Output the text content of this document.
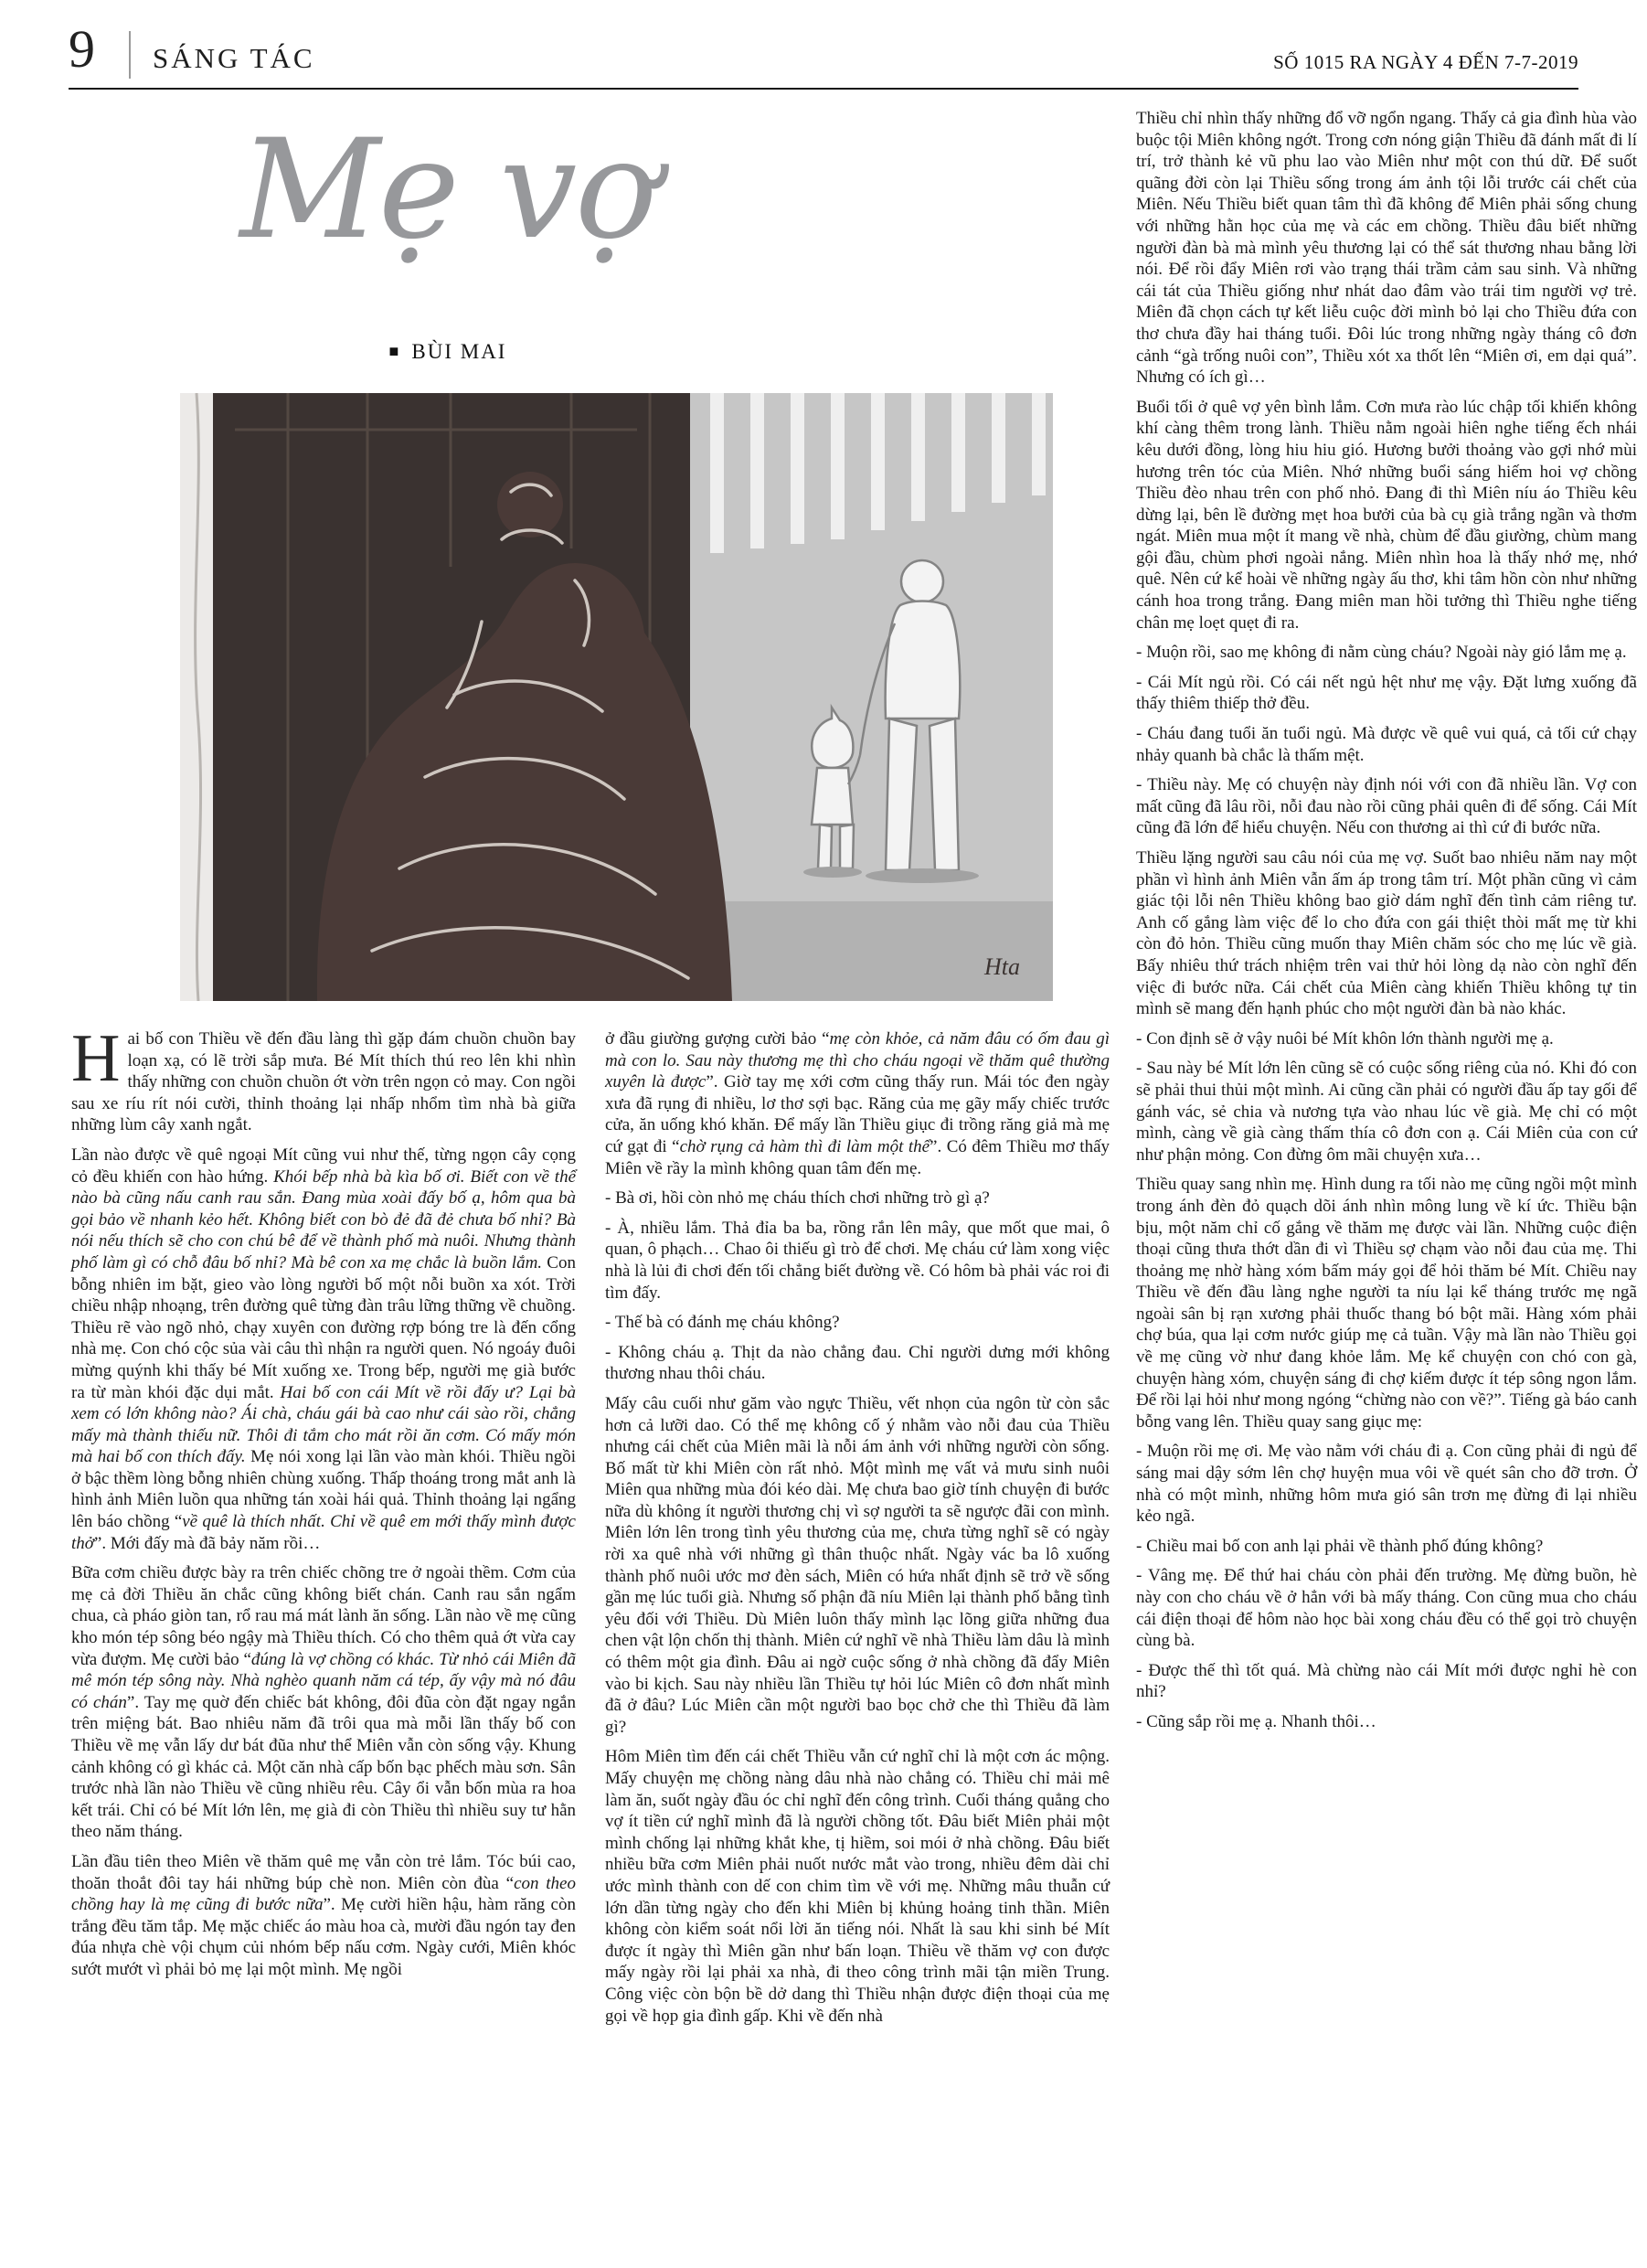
9 SÁNG TÁC	SỐ 1015 RA NGÀY 4 ĐẾN 7-7-2019
Mẹ vợ
■ BÙI MAI
Hta

Hai bố con Thiều về đến đầu làng thì gặp đám chuồn chuồn bay loạn xạ, có lẽ trời sắp mưa. Bé Mít thích thú reo lên khi nhìn thấy những con chuồn chuồn ớt vờn trên ngọn cỏ may. Con ngồi sau xe ríu rít nói cười, thỉnh thoảng lại nhấp nhổm tìm nhà bà giữa những lùm cây xanh ngắt.

Lần nào được về quê ngoại Mít cũng vui như thế, từng ngọn cây cọng cỏ đều khiến con hào hứng. Khói bếp nhà bà kìa bố ơi. Biết con về thể nào bà cũng nấu canh rau sắn. Đang mùa xoài đấy bố ạ, hôm qua bà gọi bảo về nhanh kẻo hết. Không biết con bò đẻ đã đẻ chưa bố nhỉ? Bà nói nếu thích sẽ cho con chú bê để về thành phố mà nuôi. Nhưng thành phố làm gì có chỗ đâu bố nhỉ? Mà bê con xa mẹ chắc là buồn lắm. Con bỗng nhiên im bặt, gieo vào lòng người bố một nỗi buồn xa xót. Trời chiều nhập nhoạng, trên đường quê từng đàn trâu lững thững về chuồng. Thiều rẽ vào ngõ nhỏ, chạy xuyên con đường rợp bóng tre là đến cổng nhà mẹ. Con chó cộc sủa vài câu thì nhận ra người quen. Nó ngoáy đuôi mừng quýnh khi thấy bé Mít xuống xe. Trong bếp, người mẹ già bước ra từ màn khói đặc dụi mắt. Hai bố con cái Mít về rồi đấy ư? Lại bà xem có lớn không nào? Ái chà, cháu gái bà cao như cái sào rồi, chẳng mấy mà thành thiếu nữ. Thôi đi tắm cho mát rồi ăn cơm. Có mấy món mà hai bố con thích đấy. Mẹ nói xong lại lần vào màn khói. Thiều ngồi ở bậc thềm lòng bỗng nhiên chùng xuống. Thấp thoáng trong mắt anh là hình ảnh Miên luồn qua những tán xoài hái quả. Thỉnh thoảng lại ngẩng lên báo chồng “về quê là thích nhất. Chỉ về quê em mới thấy mình được thở”. Mới đấy mà đã bảy năm rồi…

Bữa cơm chiều được bày ra trên chiếc chõng tre ở ngoài thềm. Cơm của mẹ cả đời Thiều ăn chắc cũng không biết chán. Canh rau sắn ngẩm chua, cà pháo giòn tan, rổ rau má mát lành ăn sống. Lần nào về mẹ cũng kho món tép sông béo ngậy mà Thiều thích. Có cho thêm quả ớt vừa cay vừa đượm. Mẹ cười bảo “đúng là vợ chồng có khác. Từ nhỏ cái Miên đã mê món tép sông này. Nhà nghèo quanh năm cá tép, ấy vậy mà nó đâu có chán”. Tay mẹ quờ đến chiếc bát không, đôi đũa còn đặt ngay ngắn trên miệng bát. Bao nhiêu năm đã trôi qua mà mỗi lần thấy bố con Thiều về mẹ vẫn lấy dư bát đũa như thể Miên vẫn còn sống vậy. Khung cảnh không có gì khác cả. Một căn nhà cấp bốn bạc phếch màu sơn. Sân trước nhà lần nào Thiều về cũng nhiều rêu. Cây ổi vẫn bốn mùa ra hoa kết trái. Chỉ có bé Mít lớn lên, mẹ già đi còn Thiều thì nhiều suy tư hằn theo năm tháng.

Lần đầu tiên theo Miên về thăm quê mẹ vẫn còn trẻ lắm. Tóc búi cao, thoăn thoắt đôi tay hái những búp chè non. Miên còn đùa “con theo chồng hay là mẹ cũng đi bước nữa”. Mẹ cười hiền hậu, hàm răng còn trắng đều tăm tắp. Mẹ mặc chiếc áo màu hoa cà, mười đầu ngón tay đen đúa nhựa chè vội chụm củi nhóm bếp nấu cơm. Ngày cưới, Miên khóc sướt mướt vì phải bỏ mẹ lại một mình. Mẹ ngồi

ở đầu giường gượng cười bảo “mẹ còn khỏe, cả năm đâu có ốm đau gì mà con lo. Sau này thương mẹ thì cho cháu ngoại về thăm quê thường xuyên là được”. Giờ tay mẹ xới cơm cũng thấy run. Mái tóc đen ngày xưa đã rụng đi nhiều, lơ thơ sợi bạc. Răng của mẹ gãy mấy chiếc trước cửa, ăn uống khó khăn. Để mấy lần Thiều giục đi trồng răng giả mà mẹ cứ gạt đi “chờ rụng cả hàm thì đi làm một thể”. Có đêm Thiều mơ thấy Miên về rầy la mình không quan tâm đến mẹ.

- Bà ơi, hồi còn nhỏ mẹ cháu thích chơi những trò gì ạ?

- À, nhiều lắm. Thả đỉa ba ba, rồng rắn lên mây, que mốt que mai, ô quan, ô phạch… Chao ôi thiếu gì trò để chơi. Mẹ cháu cứ làm xong việc nhà là lủi đi chơi đến tối chẳng biết đường về. Có hôm bà phải vác roi đi tìm đấy.

- Thế bà có đánh mẹ cháu không?

- Không cháu ạ. Thịt da nào chẳng đau. Chỉ người dưng mới không thương nhau thôi cháu.

Mấy câu cuối như găm vào ngực Thiều, vết nhọn của ngôn từ còn sắc hơn cả lưỡi dao. Có thể mẹ không cố ý nhằm vào nỗi đau của Thiều nhưng cái chết của Miên mãi là nỗi ám ảnh với những người còn sống. Bố mất từ khi Miên còn rất nhỏ. Một mình mẹ vất vả mưu sinh nuôi Miên qua những mùa đói kéo dài. Mẹ chưa bao giờ tính chuyện đi bước nữa dù không ít người thương chị vì sợ người ta sẽ ngược đãi con mình. Miên lớn lên trong tình yêu thương của mẹ, chưa từng nghĩ sẽ có ngày rời xa quê nhà với những gì thân thuộc nhất. Ngày vác ba lô xuống thành phố nuôi ước mơ đèn sách, Miên có hứa nhất định sẽ trở về sống gần mẹ lúc tuổi già. Nhưng số phận đã níu Miên lại thành phố bằng tình yêu đối với Thiều. Dù Miên luôn thấy mình lạc lõng giữa những đua chen vật lộn chốn thị thành. Miên cứ nghĩ về nhà Thiều làm dâu là mình có thêm một gia đình. Đâu ai ngờ cuộc sống ở nhà chồng đã đẩy Miên vào bi kịch. Sau này nhiều lần Thiều tự hỏi lúc Miên cô đơn nhất mình đã ở đâu? Lúc Miên cần một người bao bọc chở che thì Thiều đã làm gì?

Hôm Miên tìm đến cái chết Thiều vẫn cứ nghĩ chỉ là một cơn ác mộng. Mấy chuyện mẹ chồng nàng dâu nhà nào chẳng có. Thiều chỉ mải mê làm ăn, suốt ngày đầu óc chỉ nghĩ đến công trình. Cuối tháng quẳng cho vợ ít tiền cứ nghĩ mình đã là người chồng tốt. Đâu biết Miên phải một mình chống lại những khắt khe, tị hiềm, soi mói ở nhà chồng. Đâu biết nhiều bữa cơm Miên phải nuốt nước mắt vào trong, nhiều đêm dài chỉ ước mình thành con dế con chim tìm về với mẹ. Những mâu thuẫn cứ lớn dần từng ngày cho đến khi Miên bị khủng hoảng tinh thần. Miên không còn kiểm soát nổi lời ăn tiếng nói. Nhất là sau khi sinh bé Mít được ít ngày thì Miên gần như bấn loạn. Thiều về thăm vợ con được mấy ngày rồi lại phải xa nhà, đi theo công trình mãi tận miền Trung. Công việc còn bộn bề dở dang thì Thiều nhận được điện thoại của mẹ gọi về họp gia đình gấp. Khi về đến nhà

Thiều chỉ nhìn thấy những đổ vỡ ngổn ngang. Thấy cả gia đình hùa vào buộc tội Miên không ngớt. Trong cơn nóng giận Thiều đã đánh mất đi lí trí, trở thành kẻ vũ phu lao vào Miên như một con thú dữ. Để suốt quãng đời còn lại Thiều sống trong ám ảnh tội lỗi trước cái chết của Miên. Nếu Thiều biết quan tâm thì đã không để Miên phải sống chung với những hằn học của mẹ và các em chồng. Thiều đâu biết những người đàn bà mà mình yêu thương lại có thể sát thương nhau bằng lời nói. Để rồi đẩy Miên rơi vào trạng thái trầm cảm sau sinh. Và những cái tát của Thiều giống như nhát dao đâm vào trái tim người vợ trẻ. Miên đã chọn cách tự kết liễu cuộc đời mình bỏ lại cho Thiều đứa con thơ chưa đầy hai tháng tuổi. Đôi lúc trong những ngày tháng cô đơn cảnh “gà trống nuôi con”, Thiều xót xa thốt lên “Miên ơi, em dại quá”. Nhưng có ích gì…

Buổi tối ở quê vợ yên bình lắm. Cơn mưa rào lúc chập tối khiến không khí càng thêm trong lành. Thiều nằm ngoài hiên nghe tiếng ếch nhái kêu dưới đồng, lòng hiu hiu gió. Hương bưởi thoảng vào gợi nhớ mùi hương trên tóc của Miên. Nhớ những buổi sáng hiếm hoi vợ chồng Thiều đèo nhau trên con phố nhỏ. Đang đi thì Miên níu áo Thiều kêu dừng lại, bên lề đường mẹt hoa bưởi của bà cụ già trắng ngần và thơm ngát. Miên mua một ít mang về nhà, chùm để đầu giường, chùm mang gội đầu, chùm phơi ngoài nắng. Miên nhìn hoa là thấy nhớ mẹ, nhớ quê. Nên cứ kể hoài về những ngày ấu thơ, khi tâm hồn còn như những cánh hoa trong trắng. Đang miên man hồi tưởng thì Thiều nghe tiếng chân mẹ loẹt quẹt đi ra.

- Muộn rồi, sao mẹ không đi nằm cùng cháu? Ngoài này gió lắm mẹ ạ.

- Cái Mít ngủ rồi. Có cái nết ngủ hệt như mẹ vậy. Đặt lưng xuống đã thấy thiêm thiếp thở đều.

- Cháu đang tuổi ăn tuổi ngủ. Mà được về quê vui quá, cả tối cứ chạy nhảy quanh bà chắc là thấm mệt.

- Thiều này. Mẹ có chuyện này định nói với con đã nhiều lần. Vợ con mất cũng đã lâu rồi, nỗi đau nào rồi cũng phải quên đi để sống. Cái Mít cũng đã lớn để hiểu chuyện. Nếu con thương ai thì cứ đi bước nữa.

Thiều lặng người sau câu nói của mẹ vợ. Suốt bao nhiêu năm nay một phần vì hình ảnh Miên vẫn ấm áp trong tâm trí. Một phần cũng vì cảm giác tội lỗi nên Thiều không bao giờ dám nghĩ đến tình cảm riêng tư. Anh cố gắng làm việc để lo cho đứa con gái thiệt thòi mất mẹ từ khi còn đỏ hỏn. Thiều cũng muốn thay Miên chăm sóc cho mẹ lúc về già. Bấy nhiêu thứ trách nhiệm trên vai thử hỏi lòng dạ nào còn nghĩ đến việc đi bước nữa. Cái chết của Miên càng khiến Thiều không tự tin mình sẽ mang đến hạnh phúc cho một người đàn bà nào khác.

- Con định sẽ ở vậy nuôi bé Mít khôn lớn thành người mẹ ạ.

- Sau này bé Mít lớn lên cũng sẽ có cuộc sống riêng của nó. Khi đó con sẽ phải thui thủi một mình. Ai cũng cần phải có người đầu ấp tay gối để gánh vác, sẻ chia và nương tựa vào nhau lúc về già. Mẹ chỉ có một mình, càng về già càng thấm thía cô đơn con ạ. Cái Miên của con cứ như phận mỏng. Con đừng ôm mãi chuyện xưa…

Thiều quay sang nhìn mẹ. Hình dung ra tối nào mẹ cũng ngồi một mình trong ánh đèn đỏ quạch dõi ánh nhìn mông lung về kí ức. Thiều bận bịu, một năm chỉ cố gắng về thăm mẹ được vài lần. Những cuộc điện thoại cũng thưa thớt dần đi vì Thiều sợ chạm vào nỗi đau của mẹ. Thi thoảng mẹ nhờ hàng xóm bấm máy gọi để hỏi thăm bé Mít. Chiều nay Thiều về đến đầu làng nghe người ta níu lại kể tháng trước mẹ ngã ngoài sân bị rạn xương phải thuốc thang bó bột mãi. Hàng xóm phải chợ búa, qua lại cơm nước giúp mẹ cả tuần. Vậy mà lần nào Thiều gọi về mẹ cũng vờ như đang khỏe lắm. Mẹ kể chuyện con chó con gà, chuyện hàng xóm, chuyện sáng đi chợ kiếm được ít tép sông ngon lắm. Để rồi lại hỏi như mong ngóng “chừng nào con về?”. Tiếng gà báo canh bỗng vang lên. Thiều quay sang giục mẹ:

- Muộn rồi mẹ ơi. Mẹ vào nằm với cháu đi ạ. Con cũng phải đi ngủ để sáng mai dậy sớm lên chợ huyện mua vôi về quét sân cho đỡ trơn. Ở nhà có một mình, những hôm mưa gió sân trơn mẹ đừng đi lại nhiều kẻo ngã.

- Chiều mai bố con anh lại phải về thành phố đúng không?

- Vâng mẹ. Để thứ hai cháu còn phải đến trường. Mẹ đừng buồn, hè này con cho cháu về ở hẳn với bà mấy tháng. Con cũng mua cho cháu cái điện thoại để hôm nào học bài xong cháu đều có thể gọi trò chuyện cùng bà.

- Được thế thì tốt quá. Mà chừng nào cái Mít mới được nghỉ hè con nhỉ?

- Cũng sắp rồi mẹ ạ. Nhanh thôi…
